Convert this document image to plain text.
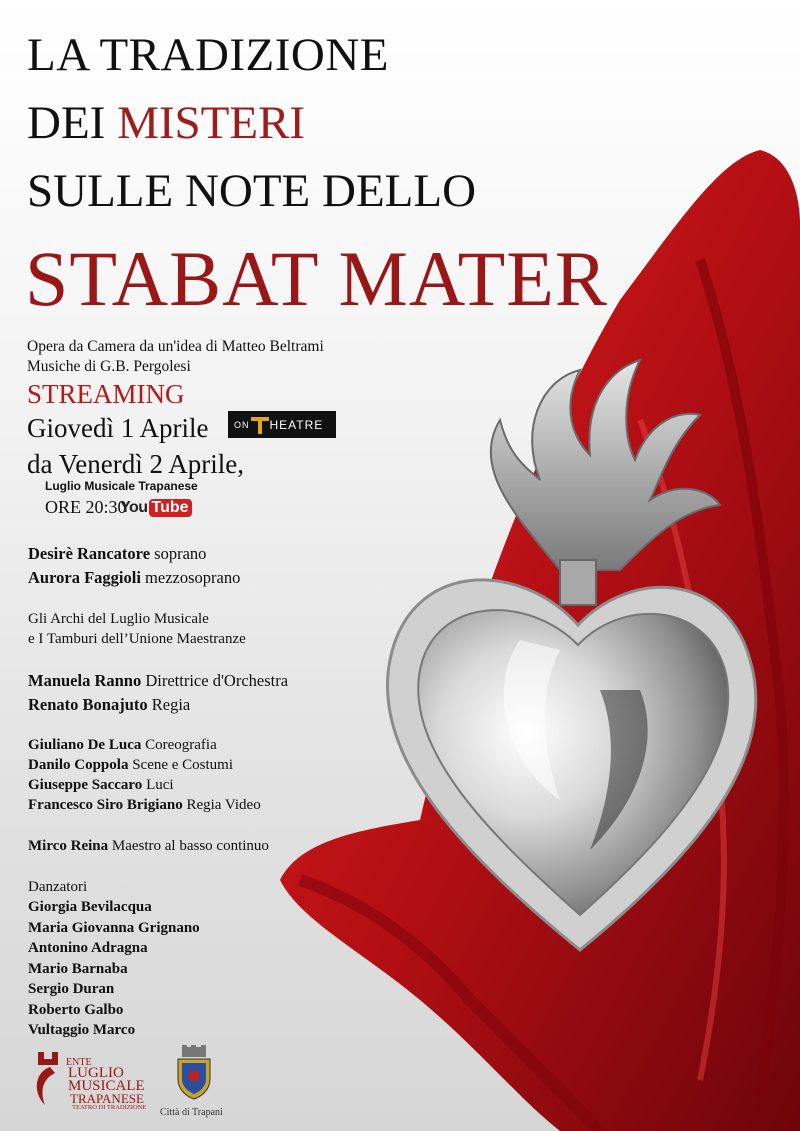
LA TRADIZIONE
DEI MISTERI
SULLE NOTE DELLO
STABAT MATER
Opera da Camera da un'idea di Matteo Beltrami
Musiche di G.B. Pergolesi
STREAMING
Giovedì 1 Aprile	ON HEATRE
da Venerdì 2 Aprile,
Luglio Musicale Trapanese
ORE 20:30
You Tube
Desirè Rancatore soprano
Aurora Faggioli mezzosoprano
Gli Archi del Luglio Musicale
e I Tamburi dell’Unione Maestranze
Manuela Ranno Direttrice d'Orchestra
Renato Bonajuto Regia
Giuliano De Luca Coreografia
Danilo Coppola Scene e Costumi
Giuseppe Saccaro Luci
Francesco Siro Brigiano Regia Video
Mirco Reina Maestro al basso continuo
Danzatori
Giorgia Bevilacqua
Maria Giovanna Grignano
Antonino Adragna
Mario Barnaba
Sergio Duran
Roberto Galbo
Vultaggio Marco
ENTE
LUGLIO
MUSICALE
TRAPANESE
TEATRO DI TRADIZIONE Città di Trapani
